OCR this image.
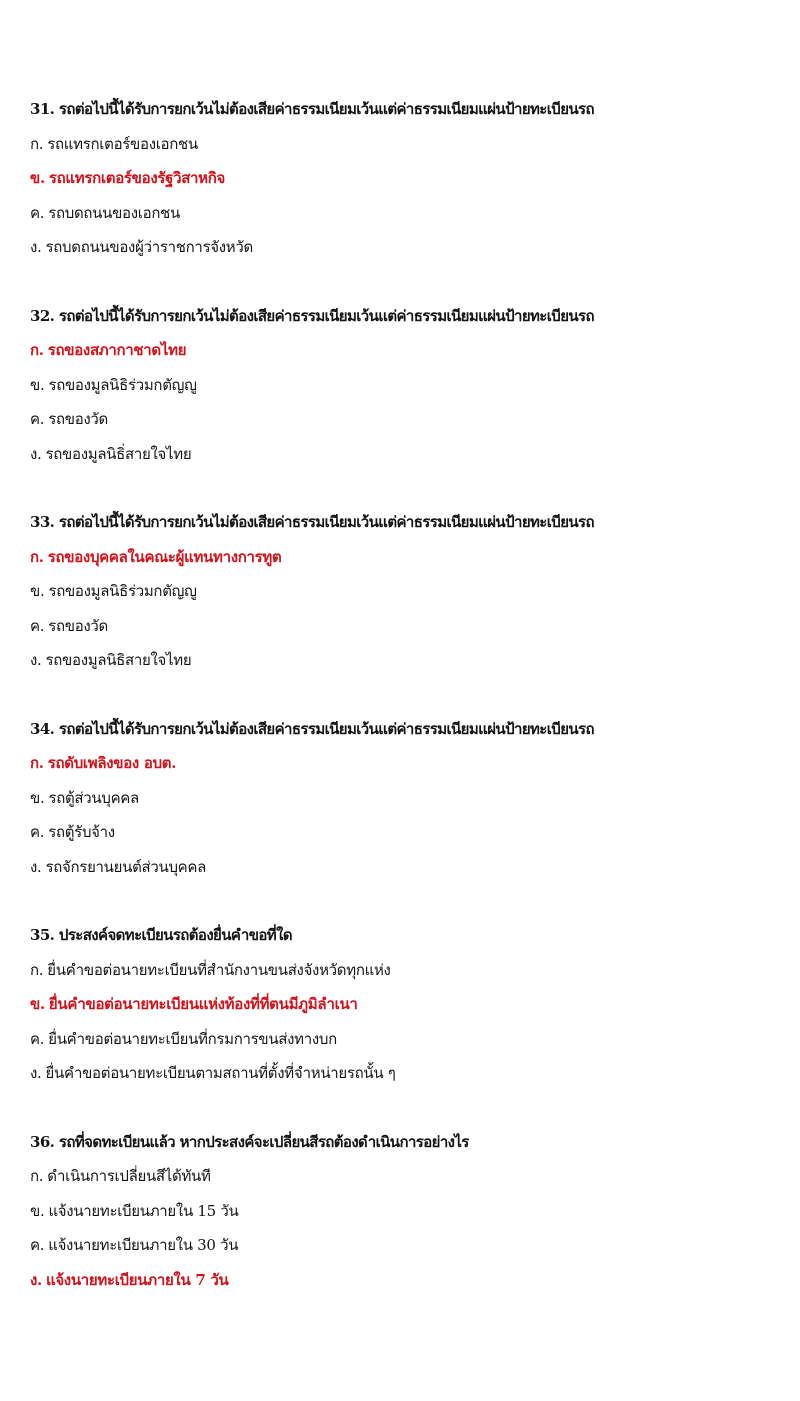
31. รถต่อไปนี้ได้รับการยกเว้นไม่ต้องเสียค่าธรรมเนียมเว้นแต่ค่าธรรมเนียมแผ่นป้ายทะเบียนรถ
ก. รถแทรกเตอร์ของเอกชน
ข. รถแทรกเตอร์ของรัฐวิสาหกิจ
ค. รถบดถนนของเอกชน
ง. รถบดถนนของผู้ว่าราชการจังหวัด
32. รถต่อไปนี้ได้รับการยกเว้นไม่ต้องเสียค่าธรรมเนียมเว้นแต่ค่าธรรมเนียมแผ่นป้ายทะเบียนรถ
ก. รถของสภากาชาดไทย
ข. รถของมูลนิธิร่วมกตัญญู
ค. รถของวัด
ง. รถของมูลนิธิ่สายใจไทย
33. รถต่อไปนี้ได้รับการยกเว้นไม่ต้องเสียค่าธรรมเนียมเว้นแต่ค่าธรรมเนียมแผ่นป้ายทะเบียนรถ
ก. รถของบุคคลในคณะผู้แทนทางการทูต
ข. รถของมูลนิธิร่วมกตัญญู
ค. รถของวัด
ง. รถของมูลนิธิสายใจไทย
34. รถต่อไปนี้ได้รับการยกเว้นไม่ต้องเสียค่าธรรมเนียมเว้นแต่ค่าธรรมเนียมแผ่นป้ายทะเบียนรถ
ก. รถดับเพลิงของ อบต.
ข. รถตู้ส่วนบุคคล
ค. รถตู้รับจ้าง
ง. รถจักรยานยนต์ส่วนบุคคล
35. ประสงค์จดทะเบียนรถต้องยื่นคำขอที่ใด
ก. ยื่นคำขอต่อนายทะเบียนที่สำนักงานขนส่งจังหวัดทุกแห่ง
ข. ยื่นคำขอต่อนายทะเบียนแห่งท้องที่ที่ตนมีภูมิลำเนา
ค. ยื่นคำขอต่อนายทะเบียนที่กรมการขนส่งทางบก
ง. ยื่นคำขอต่อนายทะเบียนตามสถานที่ตั้งที่จำหน่ายรถนั้น ๆ
36. รถที่จดทะเบียนแล้ว หากประสงค์จะเปลี่ยนสีรถต้องดำเนินการอย่างไร
ก. ดำเนินการเปลี่ยนสีได้ทันที
ข. แจ้งนายทะเบียนภายใน 15 วัน
ค. แจ้งนายทะเบียนภายใน 30 วัน
ง. แจ้งนายทะเบียนภายใน 7 วัน
